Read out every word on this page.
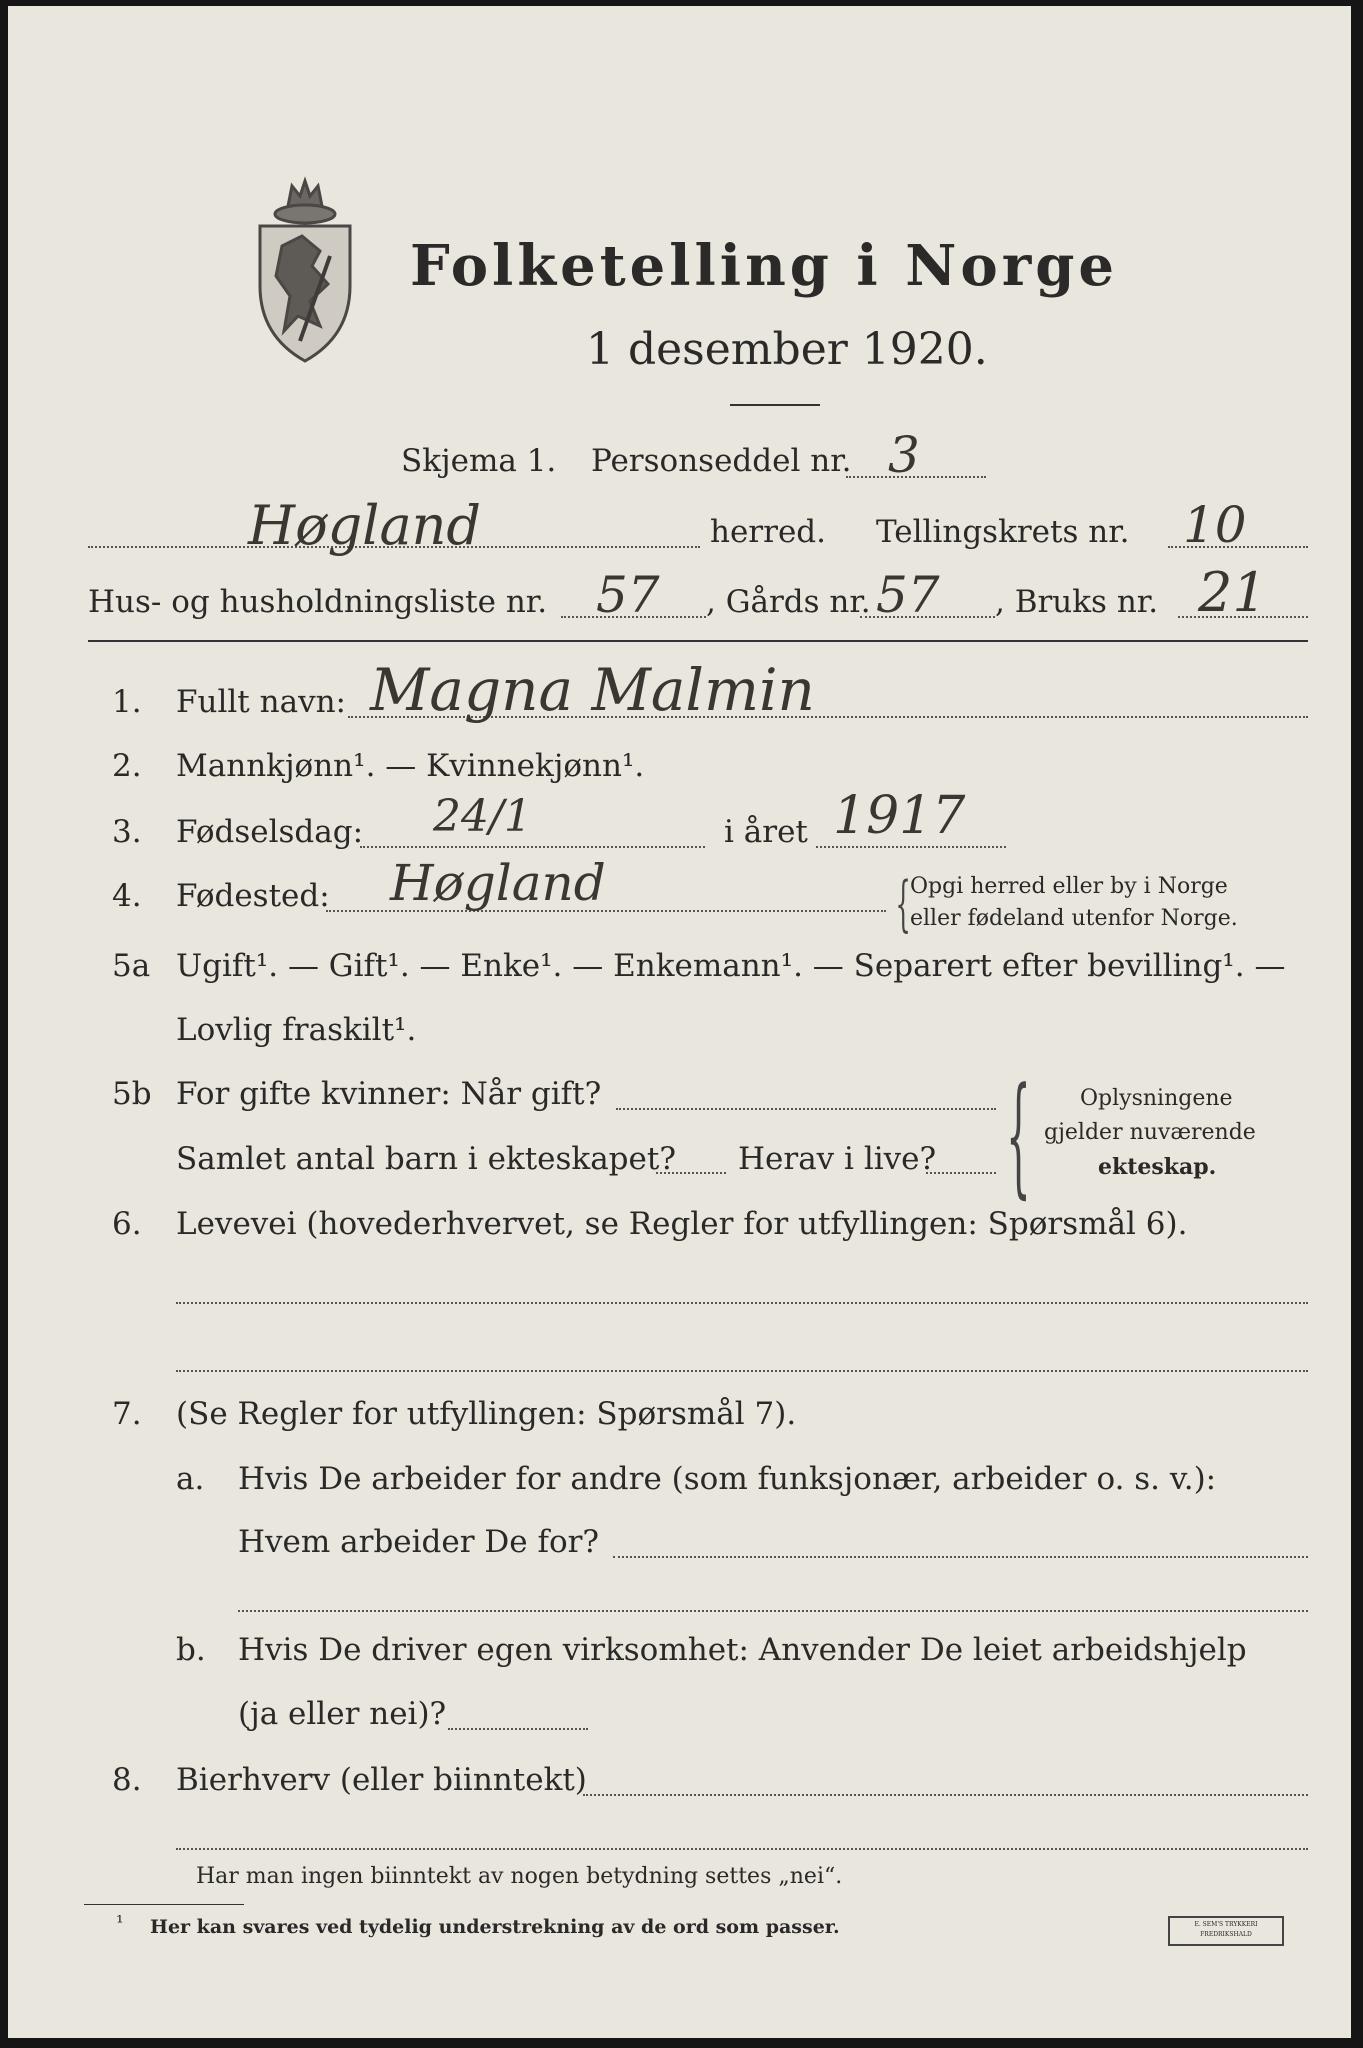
Folketelling i Norge
1 desember 1920.
Skjema 1. Personseddel nr. 3
Høgland	herred. Tellingskrets nr. 10
Hus- og husholdningsliste nr. 57 , Gårds nr. 57 , Bruks nr. 21
1. Fullt navn: Magna Malmin
2. Mannkjønn¹. — Kvinnekjønn¹.
3. Fødselsdag: 24/1	i året 1917
4. Fødested: Høgland	{ Opgi herred eller by i Norge
eller fødeland utenfor Norge.
5a Ugift¹. — Gift¹. — Enke¹. — Enkemann¹. — Separert efter bevilling¹. —
Lovlig fraskilt¹.
5b For gifte kvinner: Når gift?
Samlet antal barn i ekteskapet? Herav i live? { Oplysningene
gjelder nuværende
ekteskap.
6. Levevei (hovederhvervet, se Regler for utfyllingen: Spørsmål 6).
7. (Se Regler for utfyllingen: Spørsmål 7).
a. Hvis De arbeider for andre (som funksjonær, arbeider o. s. v.):
Hvem arbeider De for?
b. Hvis De driver egen virksomhet: Anvender De leiet arbeidshjelp
(ja eller nei)?
8. Bierhverv (eller biinntekt)
Har man ingen biinntekt av nogen betydning settes „nei“.
¹ Her kan svares ved tydelig understrekning av de ord som passer.	E. SEM'S TRYKKERI FREDRIKSHALD
